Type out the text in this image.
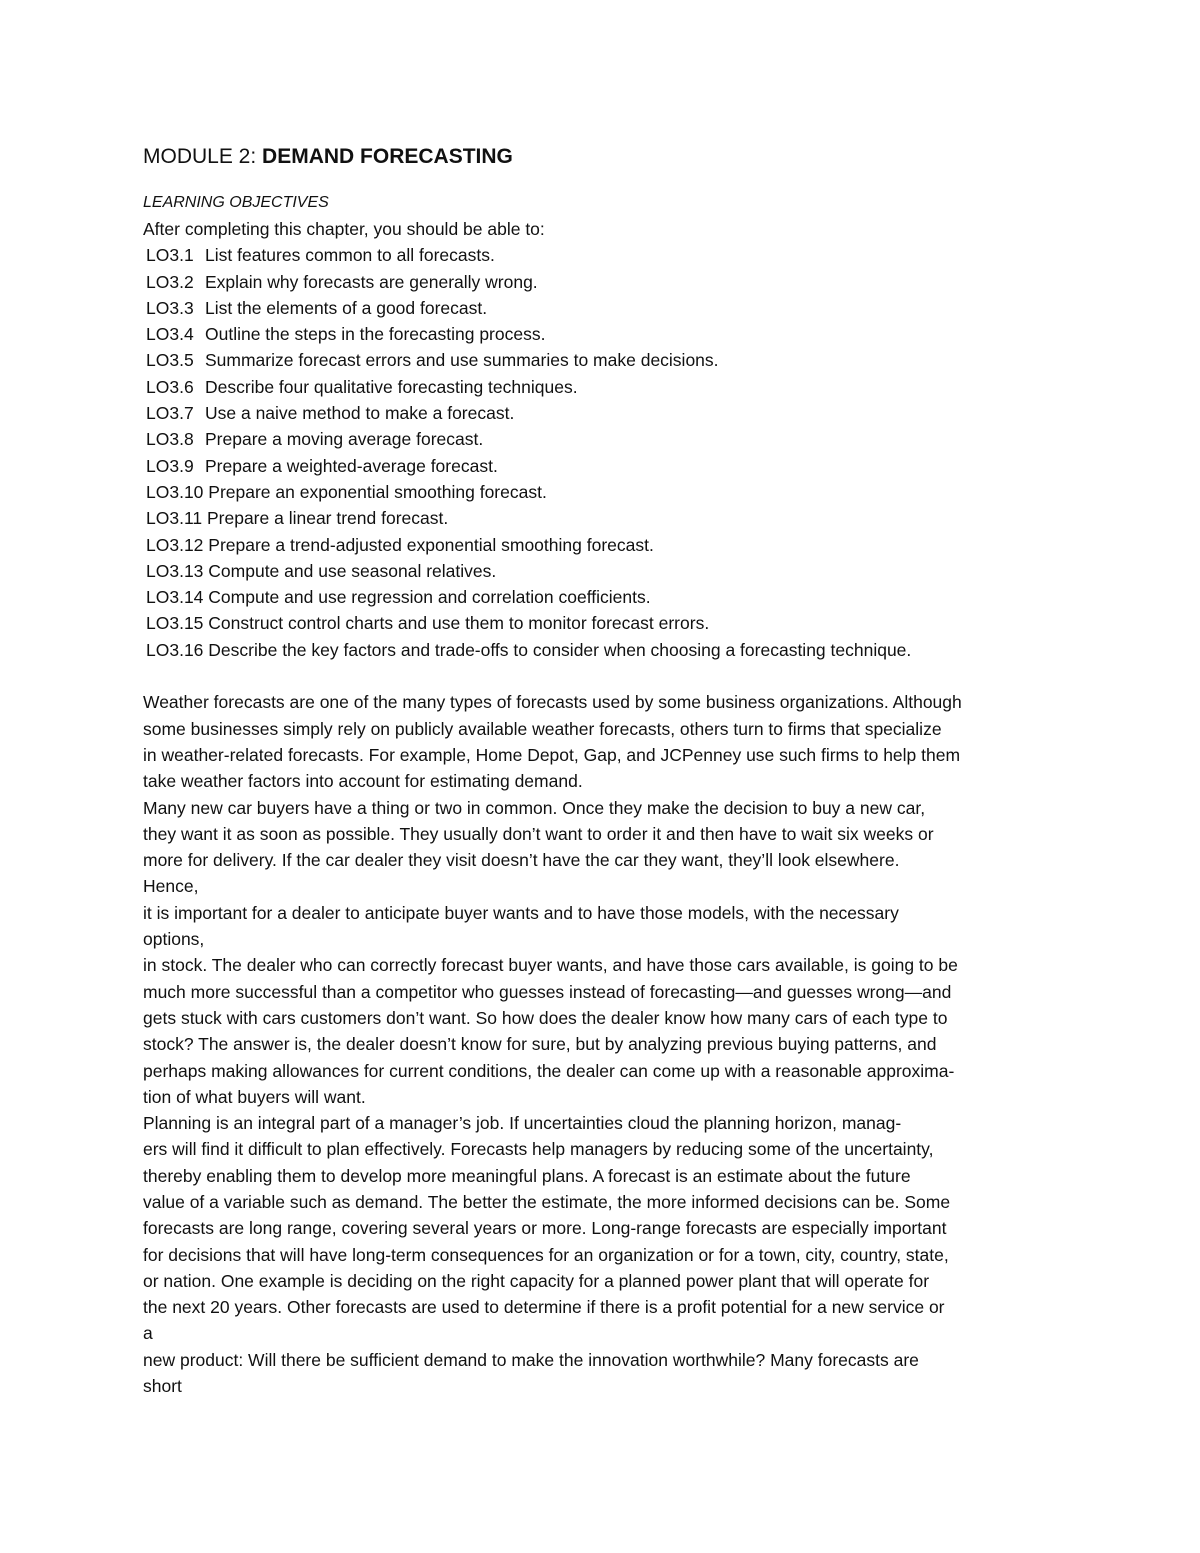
MODULE 2: DEMAND FORECASTING
LEARNING OBJECTIVES
After completing this chapter, you should be able to:
LO3.1 List features common to all forecasts.
LO3.2 Explain why forecasts are generally wrong.
LO3.3 List the elements of a good forecast.
LO3.4 Outline the steps in the forecasting process.
LO3.5 Summarize forecast errors and use summaries to make decisions.
LO3.6 Describe four qualitative forecasting techniques.
LO3.7 Use a naive method to make a forecast.
LO3.8 Prepare a moving average forecast.
LO3.9 Prepare a weighted-average forecast.
LO3.10 Prepare an exponential smoothing forecast.
LO3.11 Prepare a linear trend forecast.
LO3.12 Prepare a trend-adjusted exponential smoothing forecast.
LO3.13 Compute and use seasonal relatives.
LO3.14 Compute and use regression and correlation coefficients.
LO3.15 Construct control charts and use them to monitor forecast errors.
LO3.16 Describe the key factors and trade-offs to consider when choosing a forecasting technique.
Weather forecasts are one of the many types of forecasts used by some business organizations. Although
some businesses simply rely on publicly available weather forecasts, others turn to firms that specialize
in weather-related forecasts. For example, Home Depot, Gap, and JCPenney use such firms to help them
take weather factors into account for estimating demand.
Many new car buyers have a thing or two in common. Once they make the decision to buy a new car,
they want it as soon as possible. They usually don’t want to order it and then have to wait six weeks or
more for delivery. If the car dealer they visit doesn’t have the car they want, they’ll look elsewhere.
Hence,
it is important for a dealer to anticipate buyer wants and to have those models, with the necessary
options,
in stock. The dealer who can correctly forecast buyer wants, and have those cars available, is going to be
much more successful than a competitor who guesses instead of forecasting—and guesses wrong—and
gets stuck with cars customers don’t want. So how does the dealer know how many cars of each type to
stock? The answer is, the dealer doesn’t know for sure, but by analyzing previous buying patterns, and
perhaps making allowances for current conditions, the dealer can come up with a reasonable approxima-
tion of what buyers will want.
Planning is an integral part of a manager’s job. If uncertainties cloud the planning horizon, manag-
ers will find it difficult to plan effectively. Forecasts help managers by reducing some of the uncertainty,
thereby enabling them to develop more meaningful plans. A forecast is an estimate about the future
value of a variable such as demand. The better the estimate, the more informed decisions can be. Some
forecasts are long range, covering several years or more. Long-range forecasts are especially important
for decisions that will have long-term consequences for an organization or for a town, city, country, state,
or nation. One example is deciding on the right capacity for a planned power plant that will operate for
the next 20 years. Other forecasts are used to determine if there is a profit potential for a new service or
a
new product: Will there be sufficient demand to make the innovation worthwhile? Many forecasts are
short
